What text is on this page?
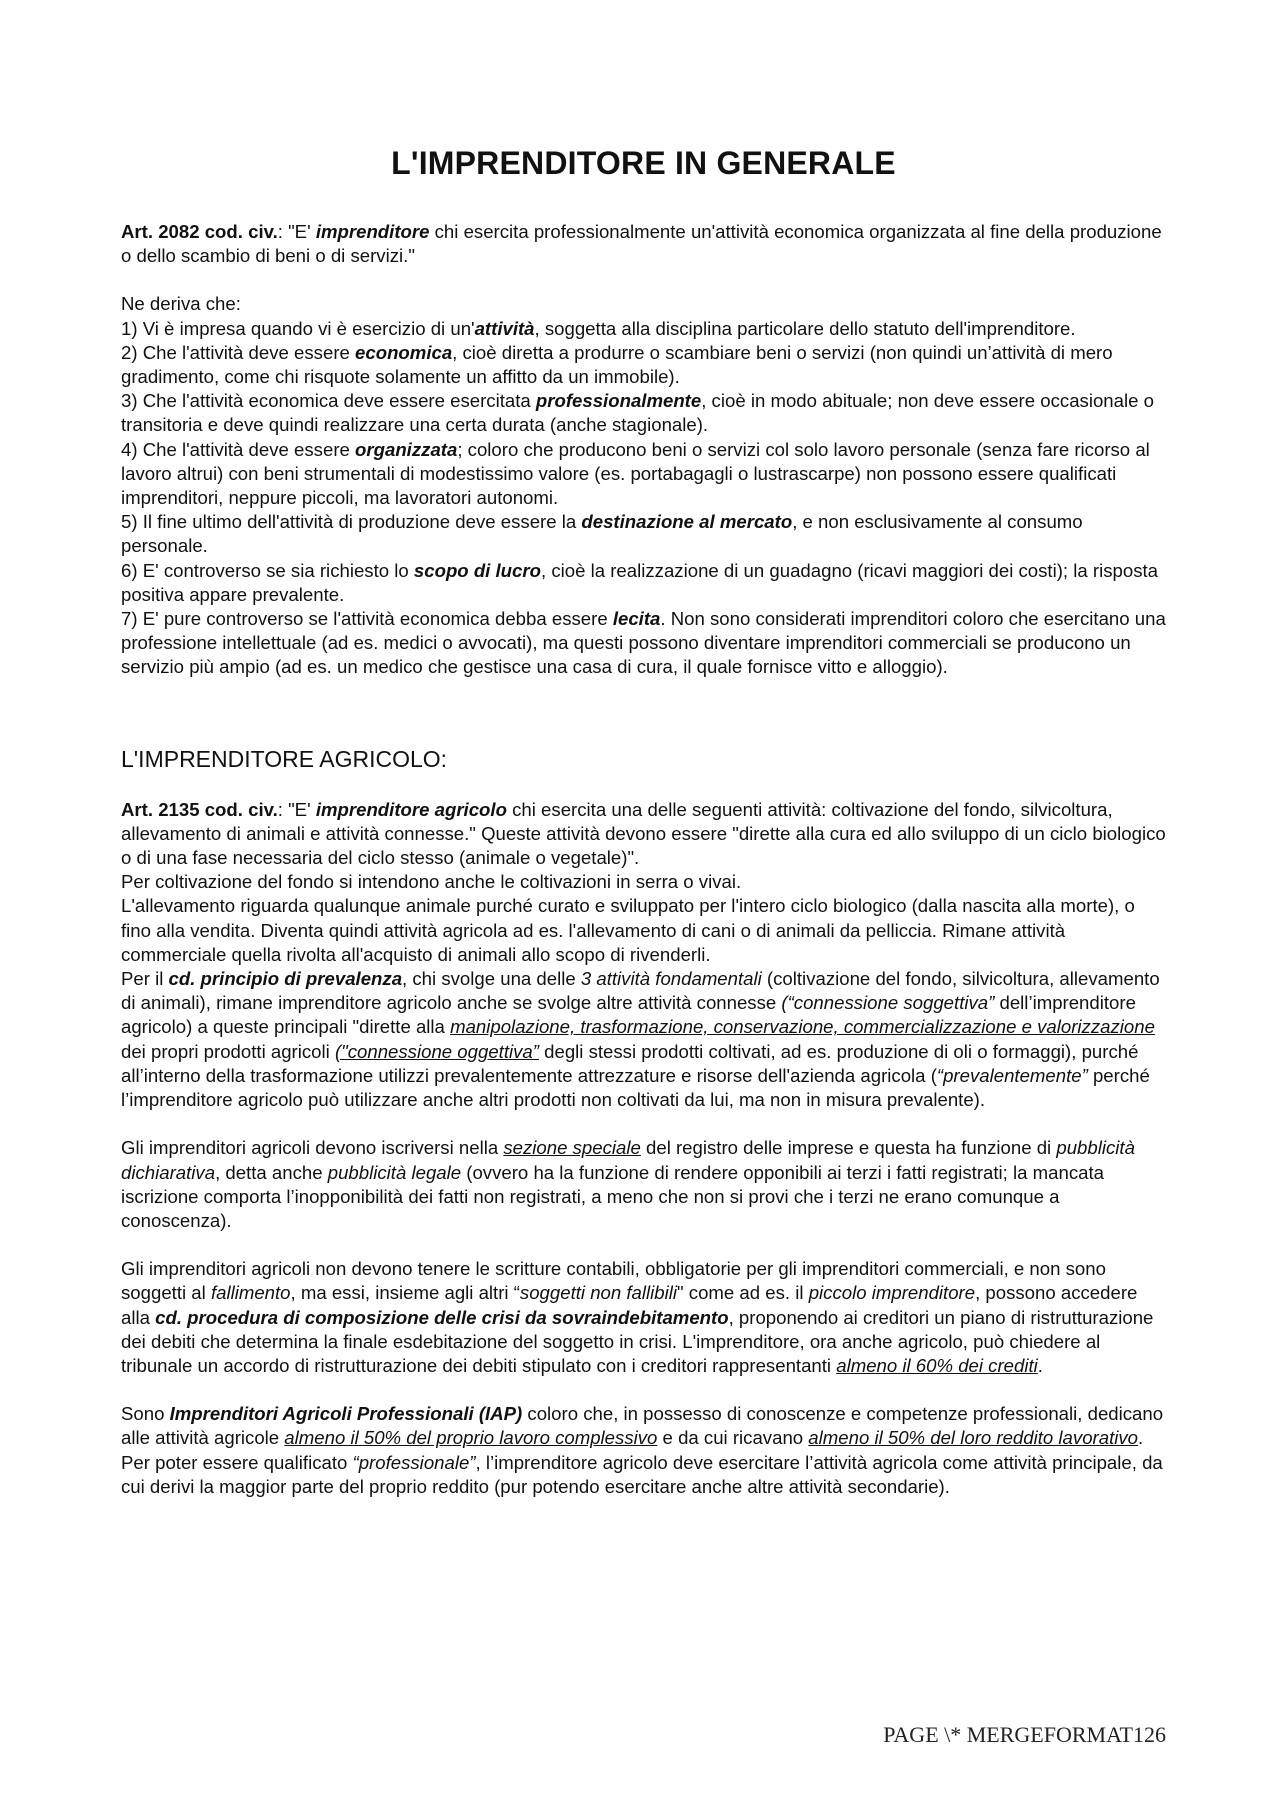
L'IMPRENDITORE IN GENERALE

Art. 2082 cod. civ.: "E' imprenditore chi esercita professionalmente un'attività economica organizzata al fine della produzione o dello scambio di beni o di servizi."

Ne deriva che:

1) Vi è impresa quando vi è esercizio di un'attività, soggetta alla disciplina particolare dello statuto dell'imprenditore.

2) Che l'attività deve essere economica, cioè diretta a produrre o scambiare beni o servizi (non quindi un’attività di mero gradimento, come chi risquote solamente un affitto da un immobile).

3) Che l'attività economica deve essere esercitata professionalmente, cioè in modo abituale; non deve essere occasionale o transitoria e deve quindi realizzare una certa durata (anche stagionale).

4) Che l'attività deve essere organizzata; coloro che producono beni o servizi col solo lavoro personale (senza fare ricorso al lavoro altrui) con beni strumentali di modestissimo valore (es. portabagagli o lustrascarpe) non possono essere qualificati imprenditori, neppure piccoli, ma lavoratori autonomi.

5) Il fine ultimo dell'attività di produzione deve essere la destinazione al mercato, e non esclusivamente al consumo personale.

6) E' controverso se sia richiesto lo scopo di lucro, cioè la realizzazione di un guadagno (ricavi maggiori dei costi); la risposta positiva appare prevalente.

7) E' pure controverso se l'attività economica debba essere lecita. Non sono considerati imprenditori coloro che esercitano una professione intellettuale (ad es. medici o avvocati), ma questi possono diventare imprenditori commerciali se producono un servizio più ampio (ad es. un medico che gestisce una casa di cura, il quale fornisce vitto e alloggio).

L'IMPRENDITORE AGRICOLO:

Art. 2135 cod. civ.: "E' imprenditore agricolo chi esercita una delle seguenti attività: coltivazione del fondo, silvicoltura, allevamento di animali e attività connesse." Queste attività devono essere "dirette alla cura ed allo sviluppo di un ciclo biologico o di una fase necessaria del ciclo stesso (animale o vegetale)".

Per coltivazione del fondo si intendono anche le coltivazioni in serra o vivai.

L'allevamento riguarda qualunque animale purché curato e sviluppato per l'intero ciclo biologico (dalla nascita alla morte), o fino alla vendita. Diventa quindi attività agricola ad es. l'allevamento di cani o di animali da pelliccia. Rimane attività commerciale quella rivolta all'acquisto di animali allo scopo di rivenderli.

Per il cd. principio di prevalenza, chi svolge una delle 3 attività fondamentali (coltivazione del fondo, silvicoltura, allevamento di animali), rimane imprenditore agricolo anche se svolge altre attività connesse (“connessione soggettiva” dell’imprenditore agricolo) a queste principali "dirette alla manipolazione, trasformazione, conservazione, commercializzazione e valorizzazione dei propri prodotti agricoli ("connessione oggettiva” degli stessi prodotti coltivati, ad es. produzione di oli o formaggi), purché all’interno della trasformazione utilizzi prevalentemente attrezzature e risorse dell'azienda agricola (“prevalentemente” perché l’imprenditore agricolo può utilizzare anche altri prodotti non coltivati da lui, ma non in misura prevalente).

Gli imprenditori agricoli devono iscriversi nella sezione speciale del registro delle imprese e questa ha funzione di pubblicità dichiarativa, detta anche pubblicità legale (ovvero ha la funzione di rendere opponibili ai terzi i fatti registrati; la mancata iscrizione comporta l’inopponibilità dei fatti non registrati, a meno che non si provi che i terzi ne erano comunque a conoscenza).

Gli imprenditori agricoli non devono tenere le scritture contabili, obbligatorie per gli imprenditori commerciali, e non sono soggetti al fallimento, ma essi, insieme agli altri “soggetti non fallibili" come ad es. il piccolo imprenditore, possono accedere alla cd. procedura di composizione delle crisi da sovraindebitamento, proponendo ai creditori un piano di ristrutturazione dei debiti che determina la finale esdebitazione del soggetto in crisi. L'imprenditore, ora anche agricolo, può chiedere al tribunale un accordo di ristrutturazione dei debiti stipulato con i creditori rappresentanti almeno il 60% dei crediti.

Sono Imprenditori Agricoli Professionali (IAP) coloro che, in possesso di conoscenze e competenze professionali, dedicano alle attività agricole almeno il 50% del proprio lavoro complessivo e da cui ricavano almeno il 50% del loro reddito lavorativo. Per poter essere qualificato “professionale”, l’imprenditore agricolo deve esercitare l’attività agricola come attività principale, da cui derivi la maggior parte del proprio reddito (pur potendo esercitare anche altre attività secondarie).

PAGE \* MERGEFORMAT126
